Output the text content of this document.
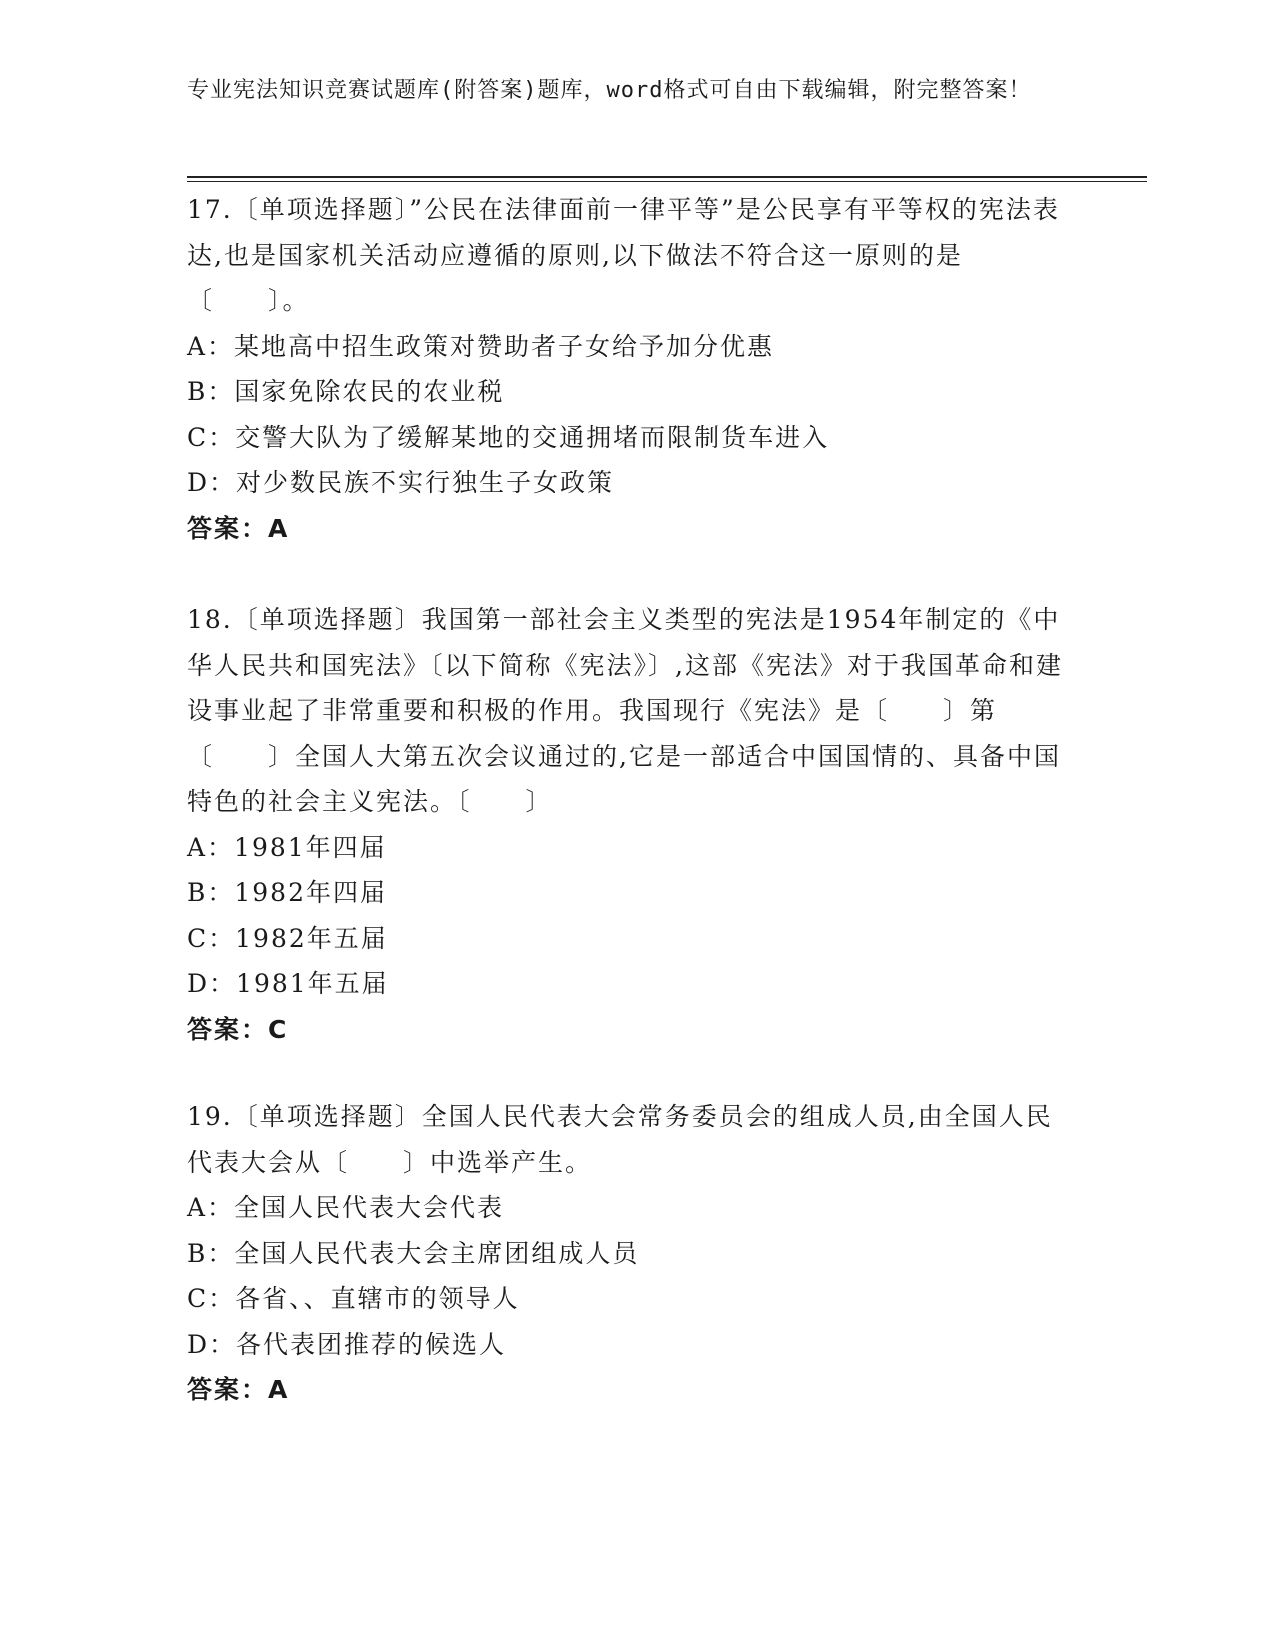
专业宪法知识竞赛试题库(附答案)题库，word格式可自由下载编辑，附完整答案！

17.〔单项选择题〕”公民在法律面前一律平等”是公民享有平等权的宪法表达,也是国家机关活动应遵循的原则,以下做法不符合这一原则的是〔　　〕。

A：某地高中招生政策对赞助者子女给予加分优惠

B：国家免除农民的农业税

C：交警大队为了缓解某地的交通拥堵而限制货车进入

D：对少数民族不实行独生子女政策

答案：A

18.〔单项选择题〕我国第一部社会主义类型的宪法是1954年制定的《中华人民共和国宪法》〔以下简称《宪法》〕,这部《宪法》对于我国革命和建设事业起了非常重要和积极的作用。我国现行《宪法》是〔　　〕第〔　　〕全国人大第五次会议通过的,它是一部适合中国国情的、具备中国特色的社会主义宪法。〔　　〕

A：1981年四届

B：1982年四届

C：1982年五届

D：1981年五届

答案：C

19.〔单项选择题〕全国人民代表大会常务委员会的组成人员,由全国人民代表大会从〔　　〕中选举产生。

A：全国人民代表大会代表

B：全国人民代表大会主席团组成人员

C：各省、、直辖市的领导人

D：各代表团推荐的候选人

答案：A
